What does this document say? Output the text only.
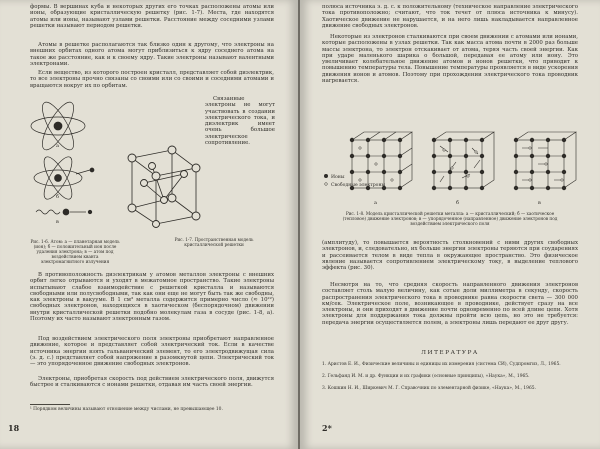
формы. В вершинах куба и некоторых других его точках расположены атомы или ионы, образующие кристаллическую решетку (рис. 1-7). Места, где находятся атомы или ионы, называют узлами решетки. Расстояние между соседними узлами решетки называют периодом решетки.

Атомы в решетке располагаются так близко один к другому, что электроны на внешних орбитах одного атома могут приблизиться к ядру соседнего атома на такое же расстояние, как и к своему ядру. Такие электроны называют валентными электронами.

Если вещество, из которого построен кристалл, представляет собой диэлектрик, то все электроны прочно связаны со своими или со своими и соседними атомами и вращаются вокруг их по орбитам.

Связанные электроны не могут участвовать в создании электрического тока, и диэлектрик имеет очень большое электрическое сопротивление.

а
б
в

Рис. 1-6. Атом: а — планетарная модель (ион); б — положительный ион после удаления электрона; в — атом под воздействием кванта электромагнитного излучения

Рис. 1-7. Пространственная модель кристаллической решетки

В противоположность диэлектрикам у атомов металлов электроны с внешних орбит легко отрываются и уходят в межатомное пространство. Такие электроны испытывают слабое взаимодействие с решеткой кристалла и называются свободными или полусвободными, так как они еще не могут быть так же свободны, как электроны в вакууме. В 1 см³ металла содержится примерно число (≈ 10²²) свободных электронов, находящихся в хаотическом (беспорядочном) движении внутри кристаллической решетки подобно молекулам газа в сосуде (рис. 1-8, а). Поэтому их часто называют электронным газом.

Под воздействием электрического поля электроны приобретают направленное движение, которое и представляет собой электрический ток. Если в качестве источника энергии взять гальванический элемент, то его электродвижущая сила (э. д. с.) представляет собой напряжение в разомкнутой цепи. Электрический ток — это упорядоченное движение свободных электронов.

Электроны, приобретая скорость под действием электрического поля, движутся быстрее и сталкиваются с ионами решетки, отдавая им часть своей энергии.

¹ Порядком величины называют отношение между числами, не превышающее 10.

18

полюса источника э. д. с. к положительному (техническое направление электрического тока противоположно; считают, что ток течет от плюса источника к минусу). Хаотическое движение не нарушается, и на него лишь накладывается направленное движение свободных электронов.

Некоторые из электронов сталкиваются при своем движении с атомами или ионами, которые расположены в узлах решетки. Так как масса атома почти в 2000 раз больше массы электрона, то электрон отскакивает от атома, теряя часть своей энергии. Как при ударе маленького шарика о большой, передавая ее атому или иону. Это увеличивает колебательное движение атомов и ионов решетки, что приводит к повышению температуры тела. Повышение температуры проявляется в виде ускорения движения ионов и атомов. Поэтому при прохождении электрического тока проводник нагревается.

Ионы
Свободные электроны
а	б	в

Рис. 1-8. Модель кристаллической решетки металла: а — кристаллический; б — хаотическое (тепловое) движение электронов; в — упорядоченное (направленное) движение электронов под воздействием электрического поля

(амплитуду), то повышается вероятность столкновений с ними других свободных электронов, и, следовательно, их больше энергии электроны теряются при соударениях и рассеивается телом в виде тепла в окружающее пространство. Это физическое явление называется сопротивлением электрическому току, в выделение теплового эффекта (рис. 30).

Несмотря на то, что средняя скорость направленного движения электронов составляет столь малую величину, как сотые доли миллиметра в секунду, скорость распространения электрического тока в проводнике равна скорости света — 300 000 км/сек. Электрическое поле, возникающее в проводнике, действует сразу на все электроны, и они приходят в движение почти одновременно по всей длине цепи. Хотя электроны для поддержания тока должны пройти всю цепь, но это не требуется: передача энергии осуществляется полем, а электроны лишь передают ее друг другу.

ЛИТЕРАТУРА

1. Аристов Е. И., Физические величины и единицы их измерения (система СИ), Судпромгиз, Л., 1965.

2. Гельфанд И. М. и др. Функции и их графики (основные принципы), «Наука», М., 1965.

3. Кошкин Н. И., Ширкевич М. Г. Справочник по элементарной физике, «Наука», М., 1965.

2*
